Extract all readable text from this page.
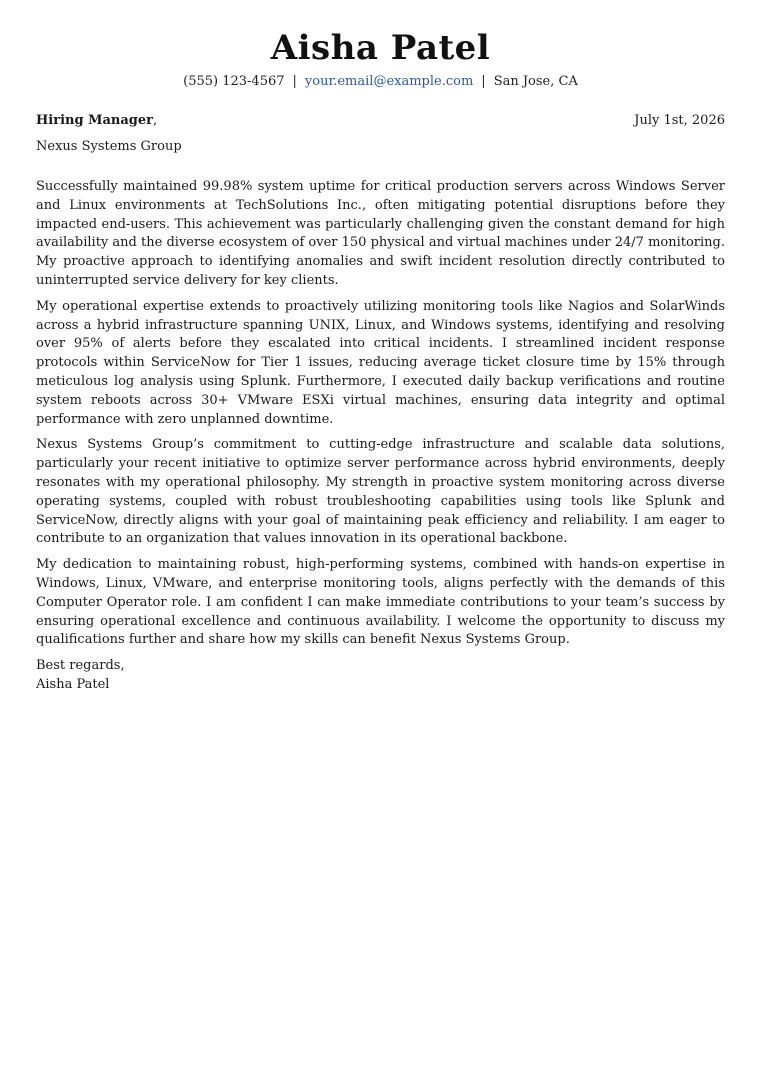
Aisha Patel
(555) 123-4567 | your.email@example.com | San Jose, CA
Hiring Manager,	July 1st, 2026
Nexus Systems Group

Successfully maintained 99.98% system uptime for critical production servers across Windows Server and Linux environments at TechSolutions Inc., often mitigating potential disruptions before they impacted end-users. This achievement was particularly challenging given the constant demand for high availability and the diverse ecosystem of over 150 physical and virtual machines under 24/7 monitoring. My proactive approach to identifying anomalies and swift incident resolution directly contributed to uninterrupted service delivery for key clients.

My operational expertise extends to proactively utilizing monitoring tools like Nagios and SolarWinds across a hybrid infrastructure spanning UNIX, Linux, and Windows systems, identifying and resolving over 95% of alerts before they escalated into critical incidents. I streamlined incident response protocols within ServiceNow for Tier 1 issues, reducing average ticket closure time by 15% through meticulous log analysis using Splunk. Furthermore, I executed daily backup verifications and routine system reboots across 30+ VMware ESXi virtual machines, ensuring data integrity and optimal performance with zero unplanned downtime.

Nexus Systems Group’s commitment to cutting-edge infrastructure and scalable data solutions, particularly your recent initiative to optimize server performance across hybrid environments, deeply resonates with my operational philosophy. My strength in proactive system monitoring across diverse operating systems, coupled with robust troubleshooting capabilities using tools like Splunk and ServiceNow, directly aligns with your goal of maintaining peak efficiency and reliability. I am eager to contribute to an organization that values innovation in its operational backbone.

My dedication to maintaining robust, high-performing systems, combined with hands-on expertise in Windows, Linux, VMware, and enterprise monitoring tools, aligns perfectly with the demands of this Computer Operator role. I am confident I can make immediate contributions to your team’s success by ensuring operational excellence and continuous availability. I welcome the opportunity to discuss my qualifications further and share how my skills can benefit Nexus Systems Group.

Best regards,
Aisha Patel
